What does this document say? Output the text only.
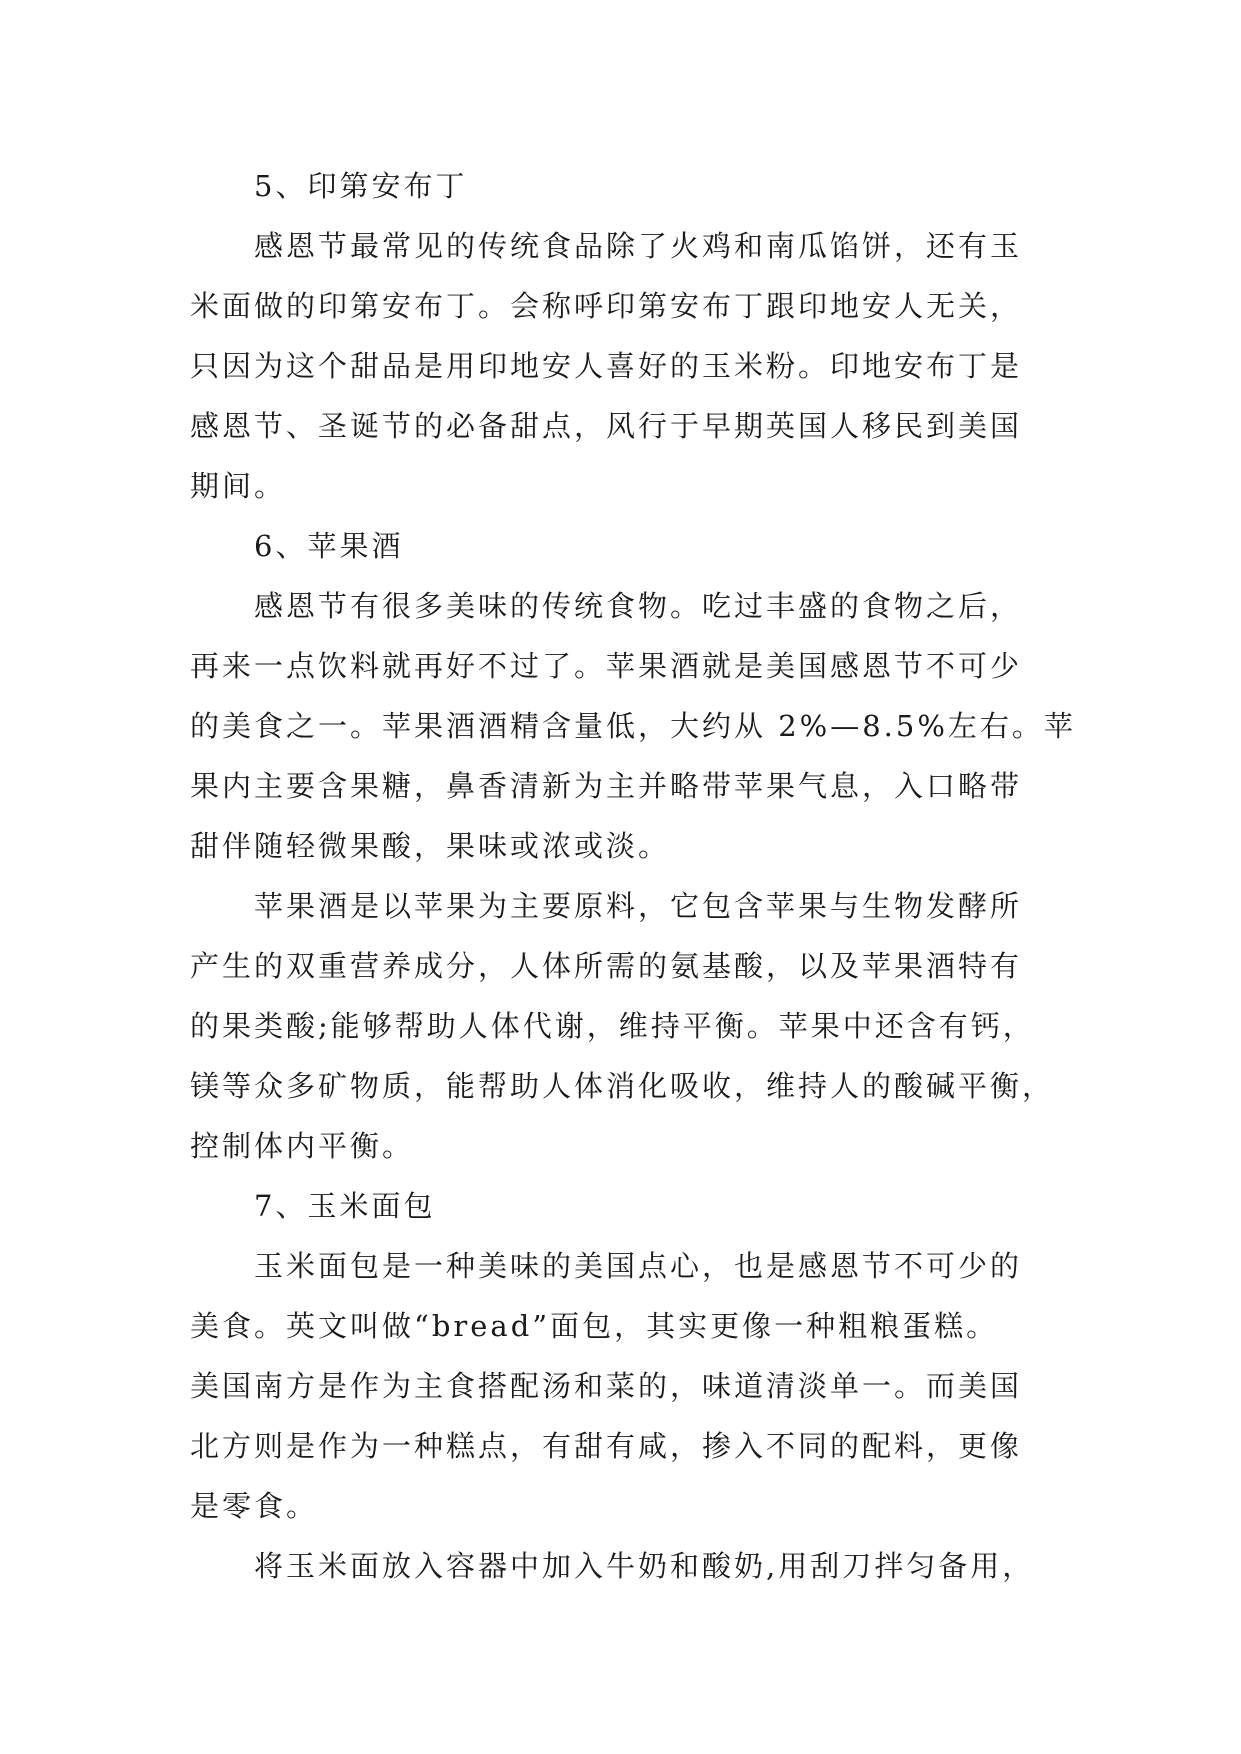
5、印第安布丁
感恩节最常见的传统食品除了火鸡和南瓜馅饼，还有玉
米面做的印第安布丁。会称呼印第安布丁跟印地安人无关，
只因为这个甜品是用印地安人喜好的玉米粉。印地安布丁是
感恩节、圣诞节的必备甜点，风行于早期英国人移民到美国
期间。
6、苹果酒
感恩节有很多美味的传统食物。吃过丰盛的食物之后，
再来一点饮料就再好不过了。苹果酒就是美国感恩节不可少
的美食之一。苹果酒酒精含量低，大约从 2%—8.5%左右。苹
果内主要含果糖，鼻香清新为主并略带苹果气息，入口略带
甜伴随轻微果酸，果味或浓或淡。
苹果酒是以苹果为主要原料，它包含苹果与生物发酵所
产生的双重营养成分，人体所需的氨基酸，以及苹果酒特有
的果类酸;能够帮助人体代谢，维持平衡。苹果中还含有钙，
镁等众多矿物质，能帮助人体消化吸收，维持人的酸碱平衡，
控制体内平衡。
7、玉米面包
玉米面包是一种美味的美国点心，也是感恩节不可少的
美食。英文叫做“bread”面包，其实更像一种粗粮蛋糕。
美国南方是作为主食搭配汤和菜的，味道清淡单一。而美国
北方则是作为一种糕点，有甜有咸，掺入不同的配料，更像
是零食。
将玉米面放入容器中加入牛奶和酸奶,用刮刀拌匀备用，
